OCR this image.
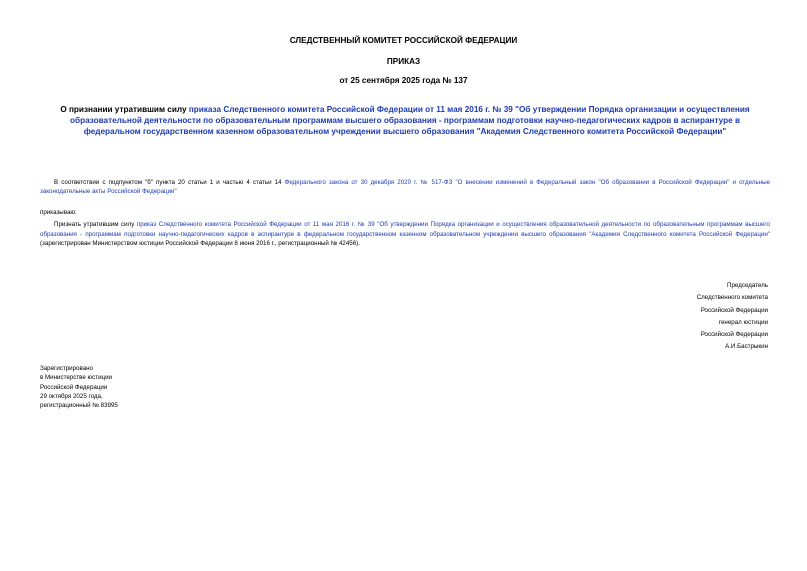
СЛЕДСТВЕННЫЙ КОМИТЕТ РОССИЙСКОЙ ФЕДЕРАЦИИ
ПРИКАЗ
от 25 сентября 2025 года № 137
О признании утратившим силу приказа Следственного комитета Российской Федерации от 11 мая 2016 г. № 39 "Об утверждении Порядка организации и осуществления образовательной деятельности по образовательным программам высшего образования - программам подготовки научно-педагогических кадров в аспирантуре в федеральном государственном казенном образовательном учреждении высшего образования "Академия Следственного комитета Российской Федерации"
В соответствии с подпунктом "б" пункта 20 статьи 1 и частью 4 статьи 14 Федерального закона от 30 декабря 2020 г. № 517-ФЗ "О внесении изменений в Федеральный закон "Об образовании в Российской Федерации" и отдельные законодательные акты Российской Федерации"
приказываю:
Признать утратившим силу приказ Следственного комитета Российской Федерации от 11 мая 2016 г. № 39 "Об утверждении Порядка организации и осуществления образовательной деятельности по образовательным программам высшего образования - программам подготовки научно-педагогических кадров в аспирантуре в федеральном государственном казенном образовательном учреждении высшего образования "Академия Следственного комитета Российской Федерации" (зарегистрирован Министерством юстиции Российской Федерации 8 июня 2016 г., регистрационный № 42456).
Председатель
Следственного комитета
Российской Федерации
генерал юстиции
Российской Федерации
А.И.Бастрыкин
Зарегистрировано
в Министерстве юстиции
Российской Федерации
29 октября 2025 года,
регистрационный № 83995
